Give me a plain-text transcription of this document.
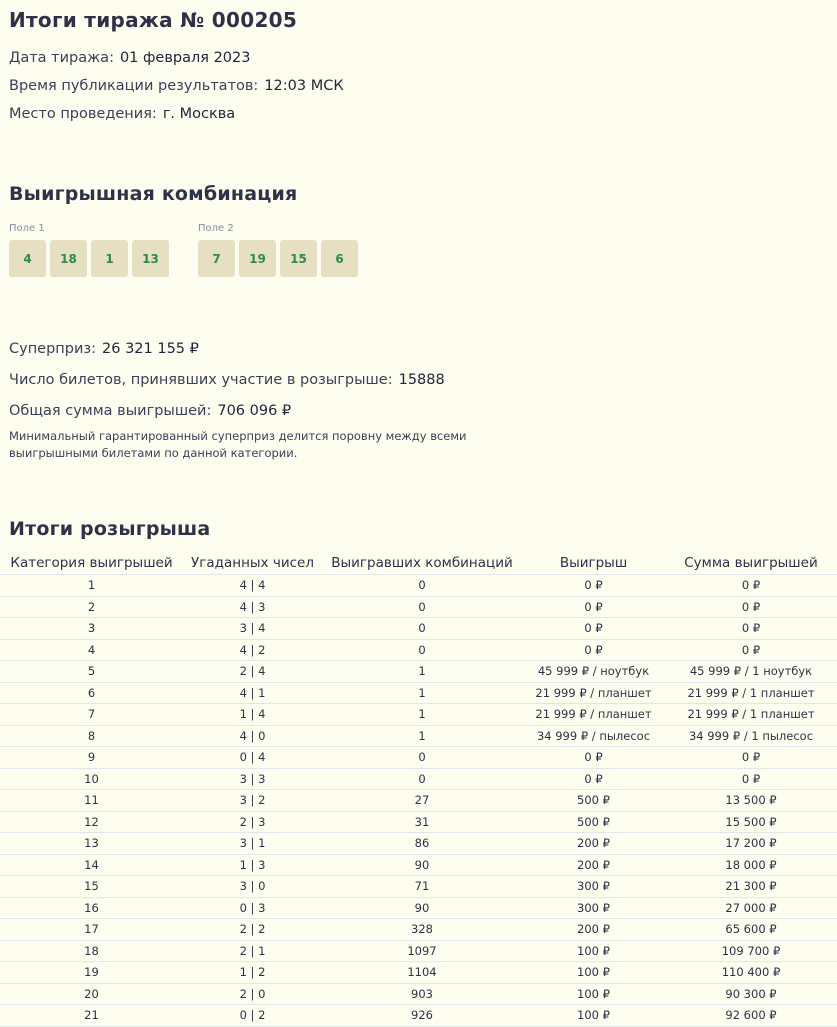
Итоги тиража № 000205
Дата тиража: 01 февраля 2023
Время публикации результатов: 12:03 МСК
Место проведения: г. Москва
Выигрышная комбинация
Поле 1
4	18	1	13
Поле 2
7	19	15	6
Суперприз: 26 321 155 ₽
Число билетов, принявших участие в розыгрыше: 15888
Общая сумма выигрышей: 706 096 ₽
Минимальный гарантированный суперприз делится поровну между всеми выигрышными билетами по данной категории.
Итоги розыгрыша
Категория выигрышей	Угаданных чисел	Выигравших комбинаций	Выигрыш	Сумма выигрышей
1	4 | 4	0	0 ₽	0 ₽
2	4 | 3	0	0 ₽	0 ₽
3	3 | 4	0	0 ₽	0 ₽
4	4 | 2	0	0 ₽	0 ₽
5	2 | 4	1	45 999 ₽ / ноутбук	45 999 ₽ / 1 ноутбук
6	4 | 1	1	21 999 ₽ / планшет	21 999 ₽ / 1 планшет
7	1 | 4	1	21 999 ₽ / планшет	21 999 ₽ / 1 планшет
8	4 | 0	1	34 999 ₽ / пылесос	34 999 ₽ / 1 пылесос
9	0 | 4	0	0 ₽	0 ₽
10	3 | 3	0	0 ₽	0 ₽
11	3 | 2	27	500 ₽	13 500 ₽
12	2 | 3	31	500 ₽	15 500 ₽
13	3 | 1	86	200 ₽	17 200 ₽
14	1 | 3	90	200 ₽	18 000 ₽
15	3 | 0	71	300 ₽	21 300 ₽
16	0 | 3	90	300 ₽	27 000 ₽
17	2 | 2	328	200 ₽	65 600 ₽
18	2 | 1	1097	100 ₽	109 700 ₽
19	1 | 2	1104	100 ₽	110 400 ₽
20	2 | 0	903	100 ₽	90 300 ₽
21	0 | 2	926	100 ₽	92 600 ₽
